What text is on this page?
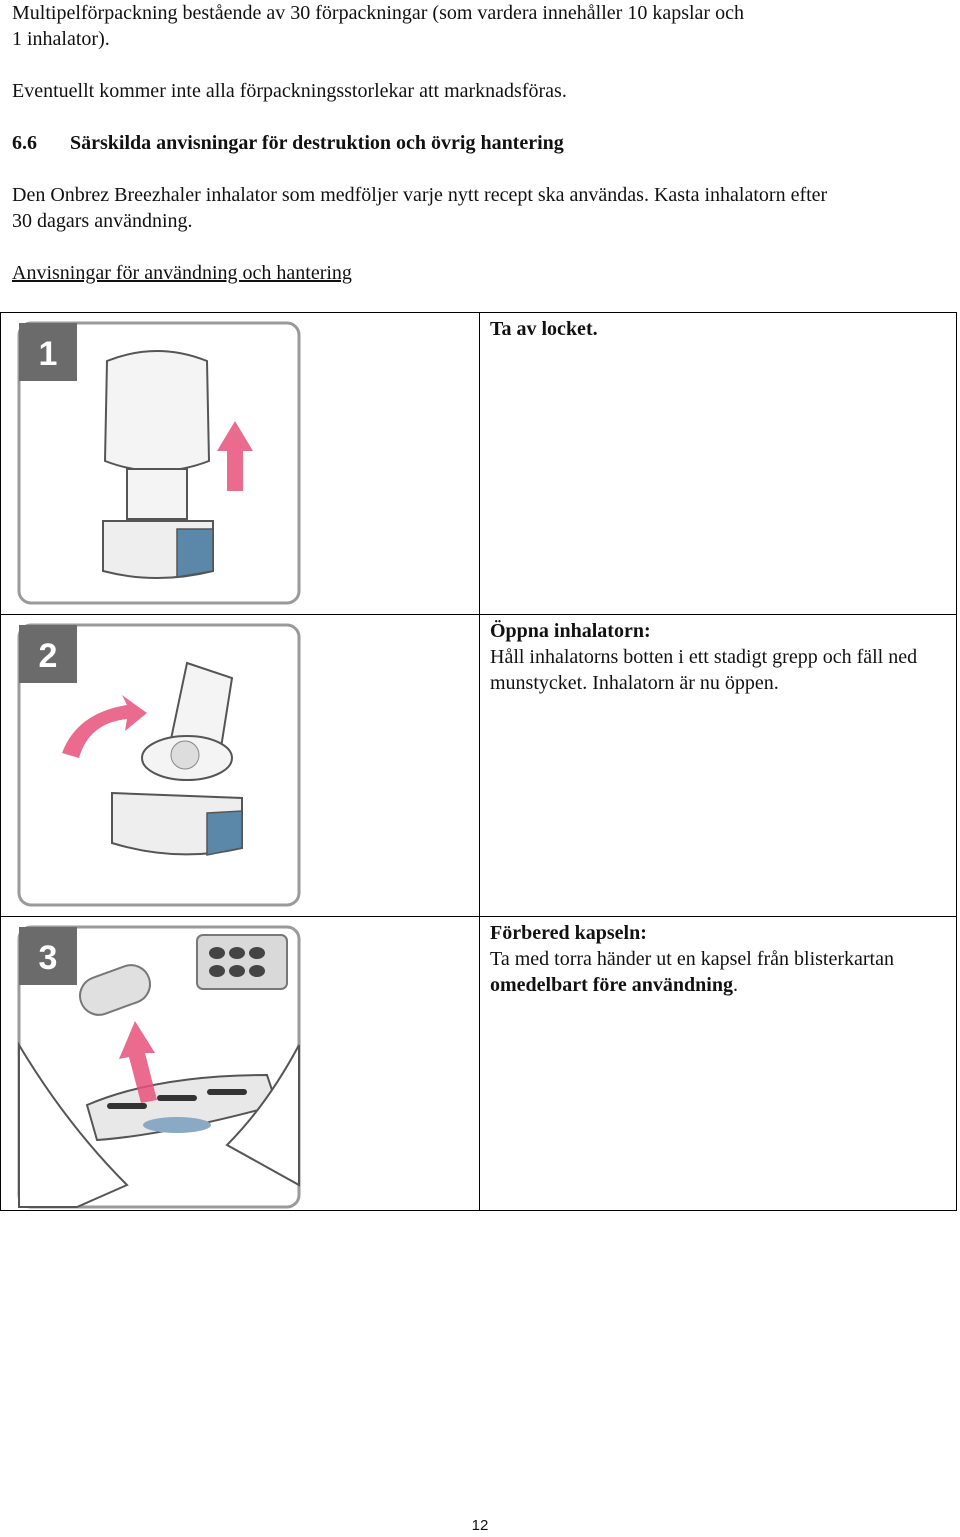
Multipelförpackning bestående av 30 förpackningar (som vardera innehåller 10 kapslar och

1 inhalator).

Eventuellt kommer inte alla förpackningsstorlekar att marknadsföras.

6.6 Särskilda anvisningar för destruktion och övrig hantering

Den Onbrez Breezhaler inhalator som medföljer varje nytt recept ska användas. Kasta inhalatorn efter

30 dagars användning.

Anvisningar för användning och hantering

1	Ta av locket.

2	Öppna inhalatorn:
Håll inhalatorns botten i ett stadigt grepp och fäll ned munstycket. Inhalatorn är nu öppen.

3	Förbered kapseln:
Ta med torra händer ut en kapsel från blisterkartan omedelbart före användning.
12
